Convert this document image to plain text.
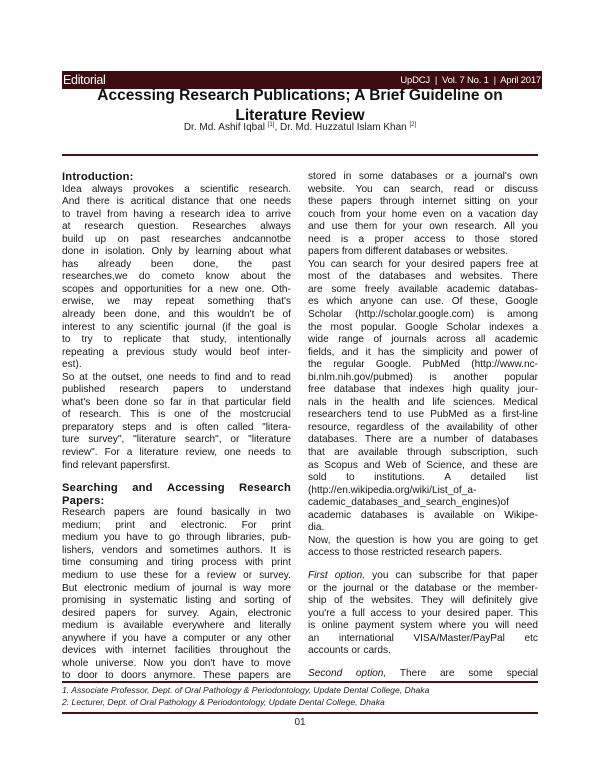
Editorial	UpDCJ  |  Vol. 7 No. 1  |  April 2017
Accessing Research Publications; A Brief Guideline on
Literature Review
Dr. Md. Ashif Iqbal [1], Dr. Md. Huzzatul Islam Khan [2]
Introduction:
Idea always provokes a scientific research.
And there is acritical distance that one needs
to travel from having a research idea to arrive
at research question. Researches always
build up on past researches andcannotbe
done in isolation. Only by learning about what
has already been done, the past
researches,we do cometo know about the
scopes and opportunities for a new one. Oth-
erwise, we may repeat something that's
already been done, and this wouldn't be of
interest to any scientific journal (if the goal is
to try to replicate that study, intentionally
repeating a previous study would beof inter-
est).
So at the outset, one needs to find and to read
published research papers to understand
what's been done so far in that particular field
of research. This is one of the mostcrucial
preparatory steps and is often called "litera-
ture survey", "literature search", or "literature
review". For a literature review, one needs to
find relevant papersfirst.
Searching and Accessing Research
Papers:
Research papers are found basically in two
medium; print and electronic. For print
medium you have to go through libraries, pub-
lishers, vendors and sometimes authors. It is
time consuming and tiring process with print
medium to use these for a review or survey.
But electronic medium of journal is way more
promising in systematic listing and sorting of
desired papers for survey. Again, electronic
medium is available everywhere and literally
anywhere if you have a computer or any other
devices with internet facilities throughout the
whole universe. Now you don't have to move
to door to doors anymore. These papers are
stored in some databases or a journal's own
website. You can search, read or discuss
these papers through internet sitting on your
couch from your home even on a vacation day
and use them for your own research. All you
need is a proper access to those stored
papers from different databases or websites.
You can search for your desired papers free at
most of the databases and websites. There
are some freely available academic databas-
es which anyone can use. Of these, Google
Scholar (http://scholar.google.com) is among
the most popular. Google Scholar indexes a
wide range of journals across all academic
fields, and it has the simplicity and power of
the regular Google. PubMed (http://www.nc-
bi.nlm.nih.gov/pubmed) is another popular
free database that indexes high quality jour-
nals in the health and life sciences. Medical
researchers tend to use PubMed as a first-line
resource, regardless of the availability of other
databases. There are a number of databases
that are available through subscription, such
as Scopus and Web of Science, and these are
sold to institutions. A detailed list
(http://en.wikipedia.org/wiki/List_of_a-
cademic_databases_and_search_engines)of
academic databases is available on Wikipe-
dia.
Now, the question is how you are going to get
access to those restricted research papers.
First option, you can subscribe for that paper
or the journal or the database or the member-
ship of the websites. They will definitely give
you're a full access to your desired paper. This
is online payment system where you will need
an international VISA/Master/PayPal etc
accounts or cards.
Second option, There are some special
1. Associate Professor, Dept. of Oral Pathology & Periodontology, Update Dental College, Dhaka
2. Lecturer, Dept. of Oral Pathology & Periodontology, Update Dental College, Dhaka
01
